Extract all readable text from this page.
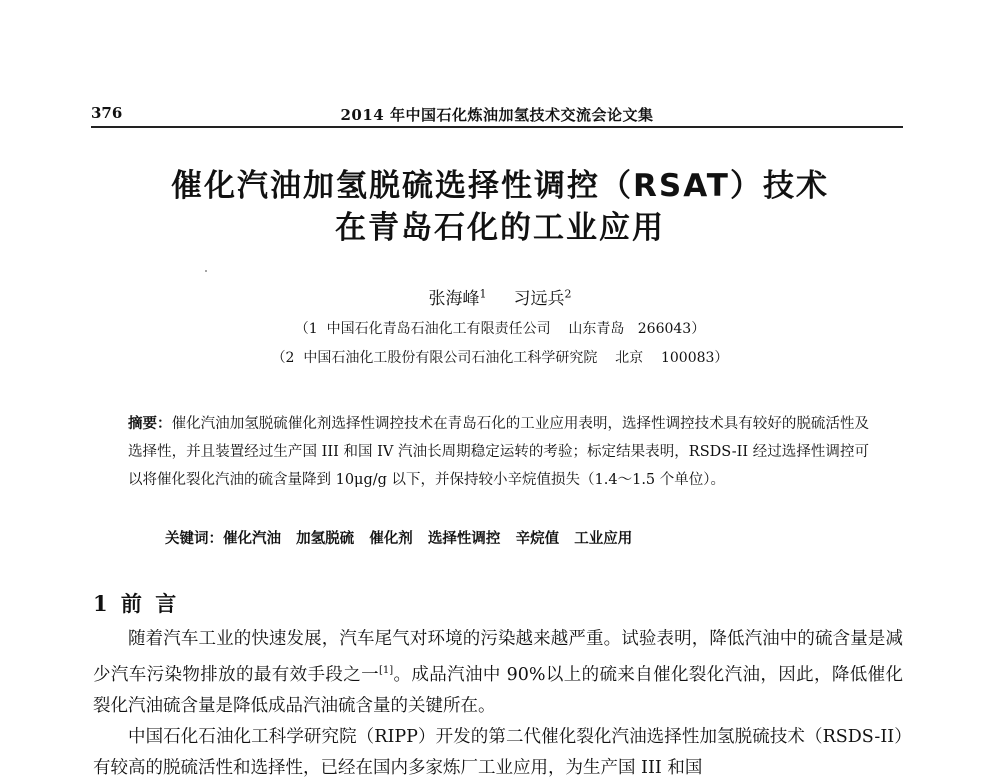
376	2014 年中国石化炼油加氢技术交流会论文集
催化汽油加氢脱硫选择性调控（RSAT）技术
在青岛石化的工业应用
张海峰$^1$ 习远兵$^2$
（1  中国石化青岛石油化工有限责任公司    山东青岛   266043）
（2  中国石油化工股份有限公司石油化工科学研究院    北京    100083）
摘要：催化汽油加氢脱硫催化剂选择性调控技术在青岛石化的工业应用表明，选择性调控技术具有较好的脱硫活性及选择性，并且装置经过生产国 III 和国 IV 汽油长周期稳定运转的考验；标定结果表明，RSDS-II 经过选择性调控可以将催化裂化汽油的硫含量降到 10μg/g 以下，并保持较小辛烷值损失（1.4～1.5 个单位）。
关键词：催化汽油   加氢脱硫   催化剂   选择性调控   辛烷值   工业应用
1 前 言

随着汽车工业的快速发展，汽车尾气对环境的污染越来越严重。试验表明，降低汽油中的硫含量是减少汽车污染物排放的最有效手段之一[1]。成品汽油中 90%以上的硫来自催化裂化汽油，因此，降低催化裂化汽油硫含量是降低成品汽油硫含量的关键所在。

中国石化石油化工科学研究院（RIPP）开发的第二代催化裂化汽油选择性加氢脱硫技术（RSDS-II）有较高的脱硫活性和选择性，已经在国内多家炼厂工业应用，为生产国 III 和国
